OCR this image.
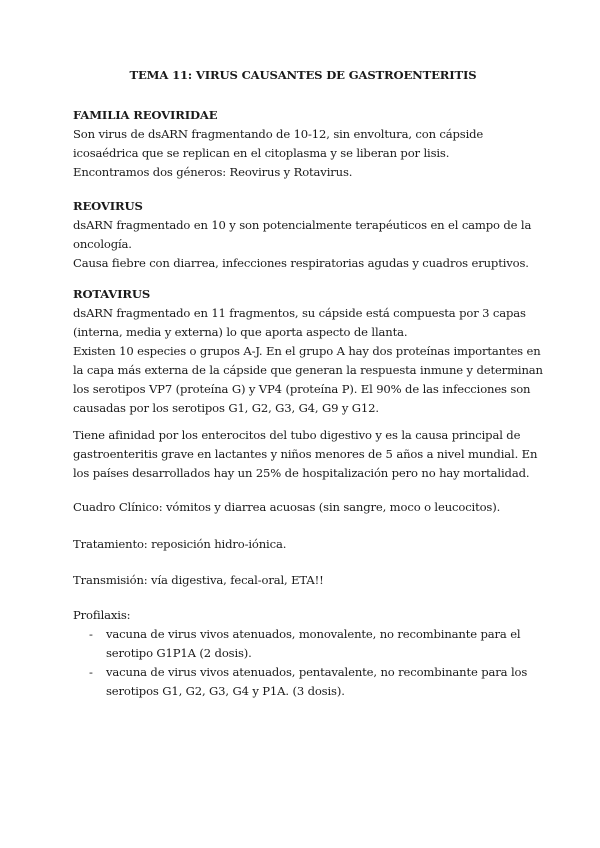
TEMA 11: VIRUS CAUSANTES DE GASTROENTERITIS
FAMILIA REOVIRIDAE
Son virus de dsARN fragmentando de 10-12, sin envoltura, con cápside
icosaédrica que se replican en el citoplasma y se liberan por lisis.
Encontramos dos géneros: Reovirus y Rotavirus.
REOVIRUS
dsARN fragmentado en 10 y son potencialmente terapéuticos en el campo de la
oncología.
Causa fiebre con diarrea, infecciones respiratorias agudas y cuadros eruptivos.
ROTAVIRUS
dsARN fragmentado en 11 fragmentos, su cápside está compuesta por 3 capas
(interna, media y externa) lo que aporta aspecto de llanta.
Existen 10 especies o grupos A-J. En el grupo A hay dos proteínas importantes en
la capa más externa de la cápside que generan la respuesta inmune y determinan
los serotipos VP7 (proteína G) y VP4 (proteína P). El 90% de las infecciones son
causadas por los serotipos G1, G2, G3, G4, G9 y G12.
Tiene afinidad por los enterocitos del tubo digestivo y es la causa principal de
gastroenteritis grave en lactantes y niños menores de 5 años a nivel mundial. En
los países desarrollados hay un 25% de hospitalización pero no hay mortalidad.
Cuadro Clínico: vómitos y diarrea acuosas (sin sangre, moco o leucocitos).
Tratamiento: reposición hidro-iónica.
Transmisión: vía digestiva, fecal-oral, ETA!!
Profilaxis:
- vacuna de virus vivos atenuados, monovalente, no recombinante para el
serotipo G1P1A (2 dosis).
- vacuna de virus vivos atenuados, pentavalente, no recombinante para los
serotipos G1, G2, G3, G4 y P1A. (3 dosis).
